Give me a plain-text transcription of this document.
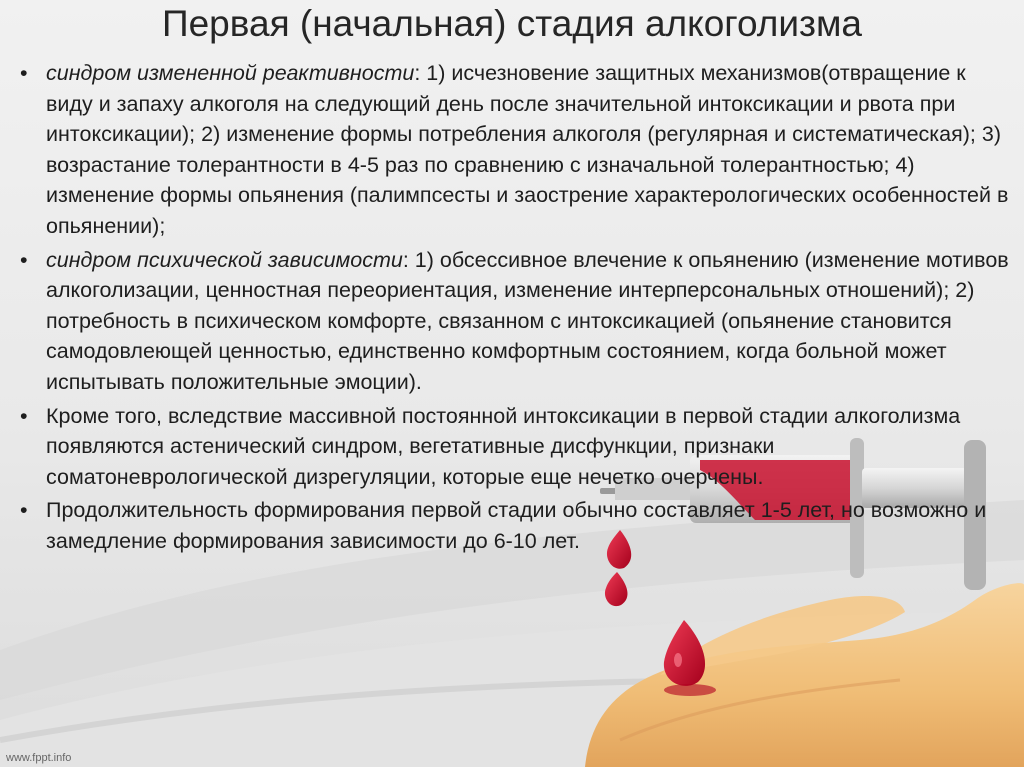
Первая (начальная) стадия алкоголизма

• синдром измененной реактивности: 1) исчезновение защитных механизмов(отвращение к виду и запаху алкоголя на следующий день после значительной интоксикации и рвота при интоксикации); 2) изменение формы потребления алкоголя (регулярная и систематическая); 3) возрастание толерантности в 4-5 раз по сравнению с изначальной толерантностью; 4) изменение формы опьянения (палимпсесты и заострение характерологических особенностей в опьянении);

• синдром психической зависимости: 1) обсессивное влечение к опьянению (изменение мотивов алкоголизации, ценностная переориентация, изменение интерперсональных отношений); 2) потребность в психическом комфорте, связанном с интоксикацией (опьянение становится самодовлеющей ценностью, единственно комфортным состоянием, когда больной может испытывать положительные эмоции).

• Кроме того, вследствие массивной постоянной интоксикации в первой стадии алкоголизма появляются астенический синдром, вегетативные дисфункции, признаки соматоневрологической дизрегуляции, которые еще нечетко очерчены.

• Продолжительность формирования первой стадии обычно составляет 1-5 лет, но возможно и замедление формирования зависимости до 6-10 лет.

www.fppt.info
